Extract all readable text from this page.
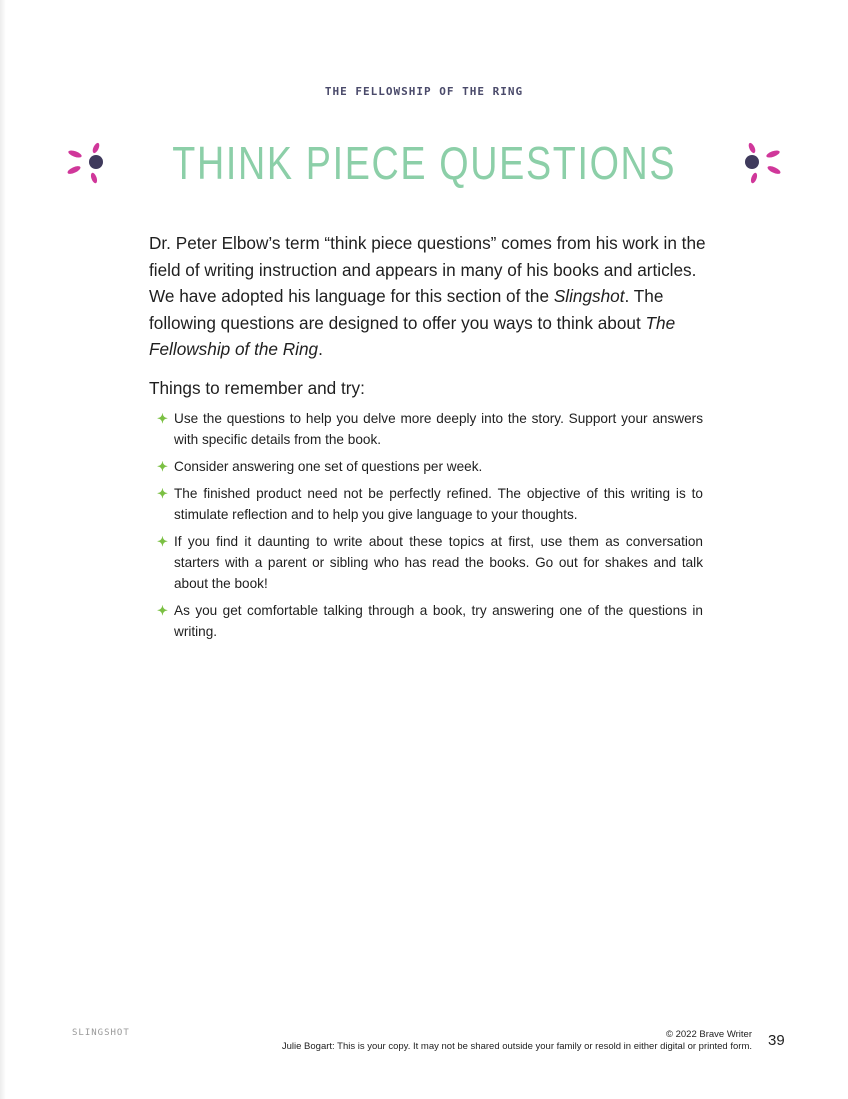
THE FELLOWSHIP OF THE RING
THINK PIECE QUESTIONS

Dr. Peter Elbow’s term “think piece questions” comes from his work in the field of writing instruction and appears in many of his books and articles. We have adopted his language for this section of the Slingshot. The following questions are designed to offer you ways to think about The Fellowship of the Ring.

Things to remember and try:

✦ Use the questions to help you delve more deeply into the story. Support your answers with specific details from the book.
✦ Consider answering one set of questions per week.
✦ The finished product need not be perfectly refined. The objective of this writing is to stimulate reflection and to help you give language to your thoughts.
✦ If you find it daunting to write about these topics at first, use them as conversation starters with a parent or sibling who has read the books. Go out for shakes and talk about the book!
✦ As you get comfortable talking through a book, try answering one of the questions in writing.
SLINGSHOT	© 2022 Brave Writer
Julie Bogart: This is your copy. It may not be shared outside your family or resold in either digital or printed form. 39
